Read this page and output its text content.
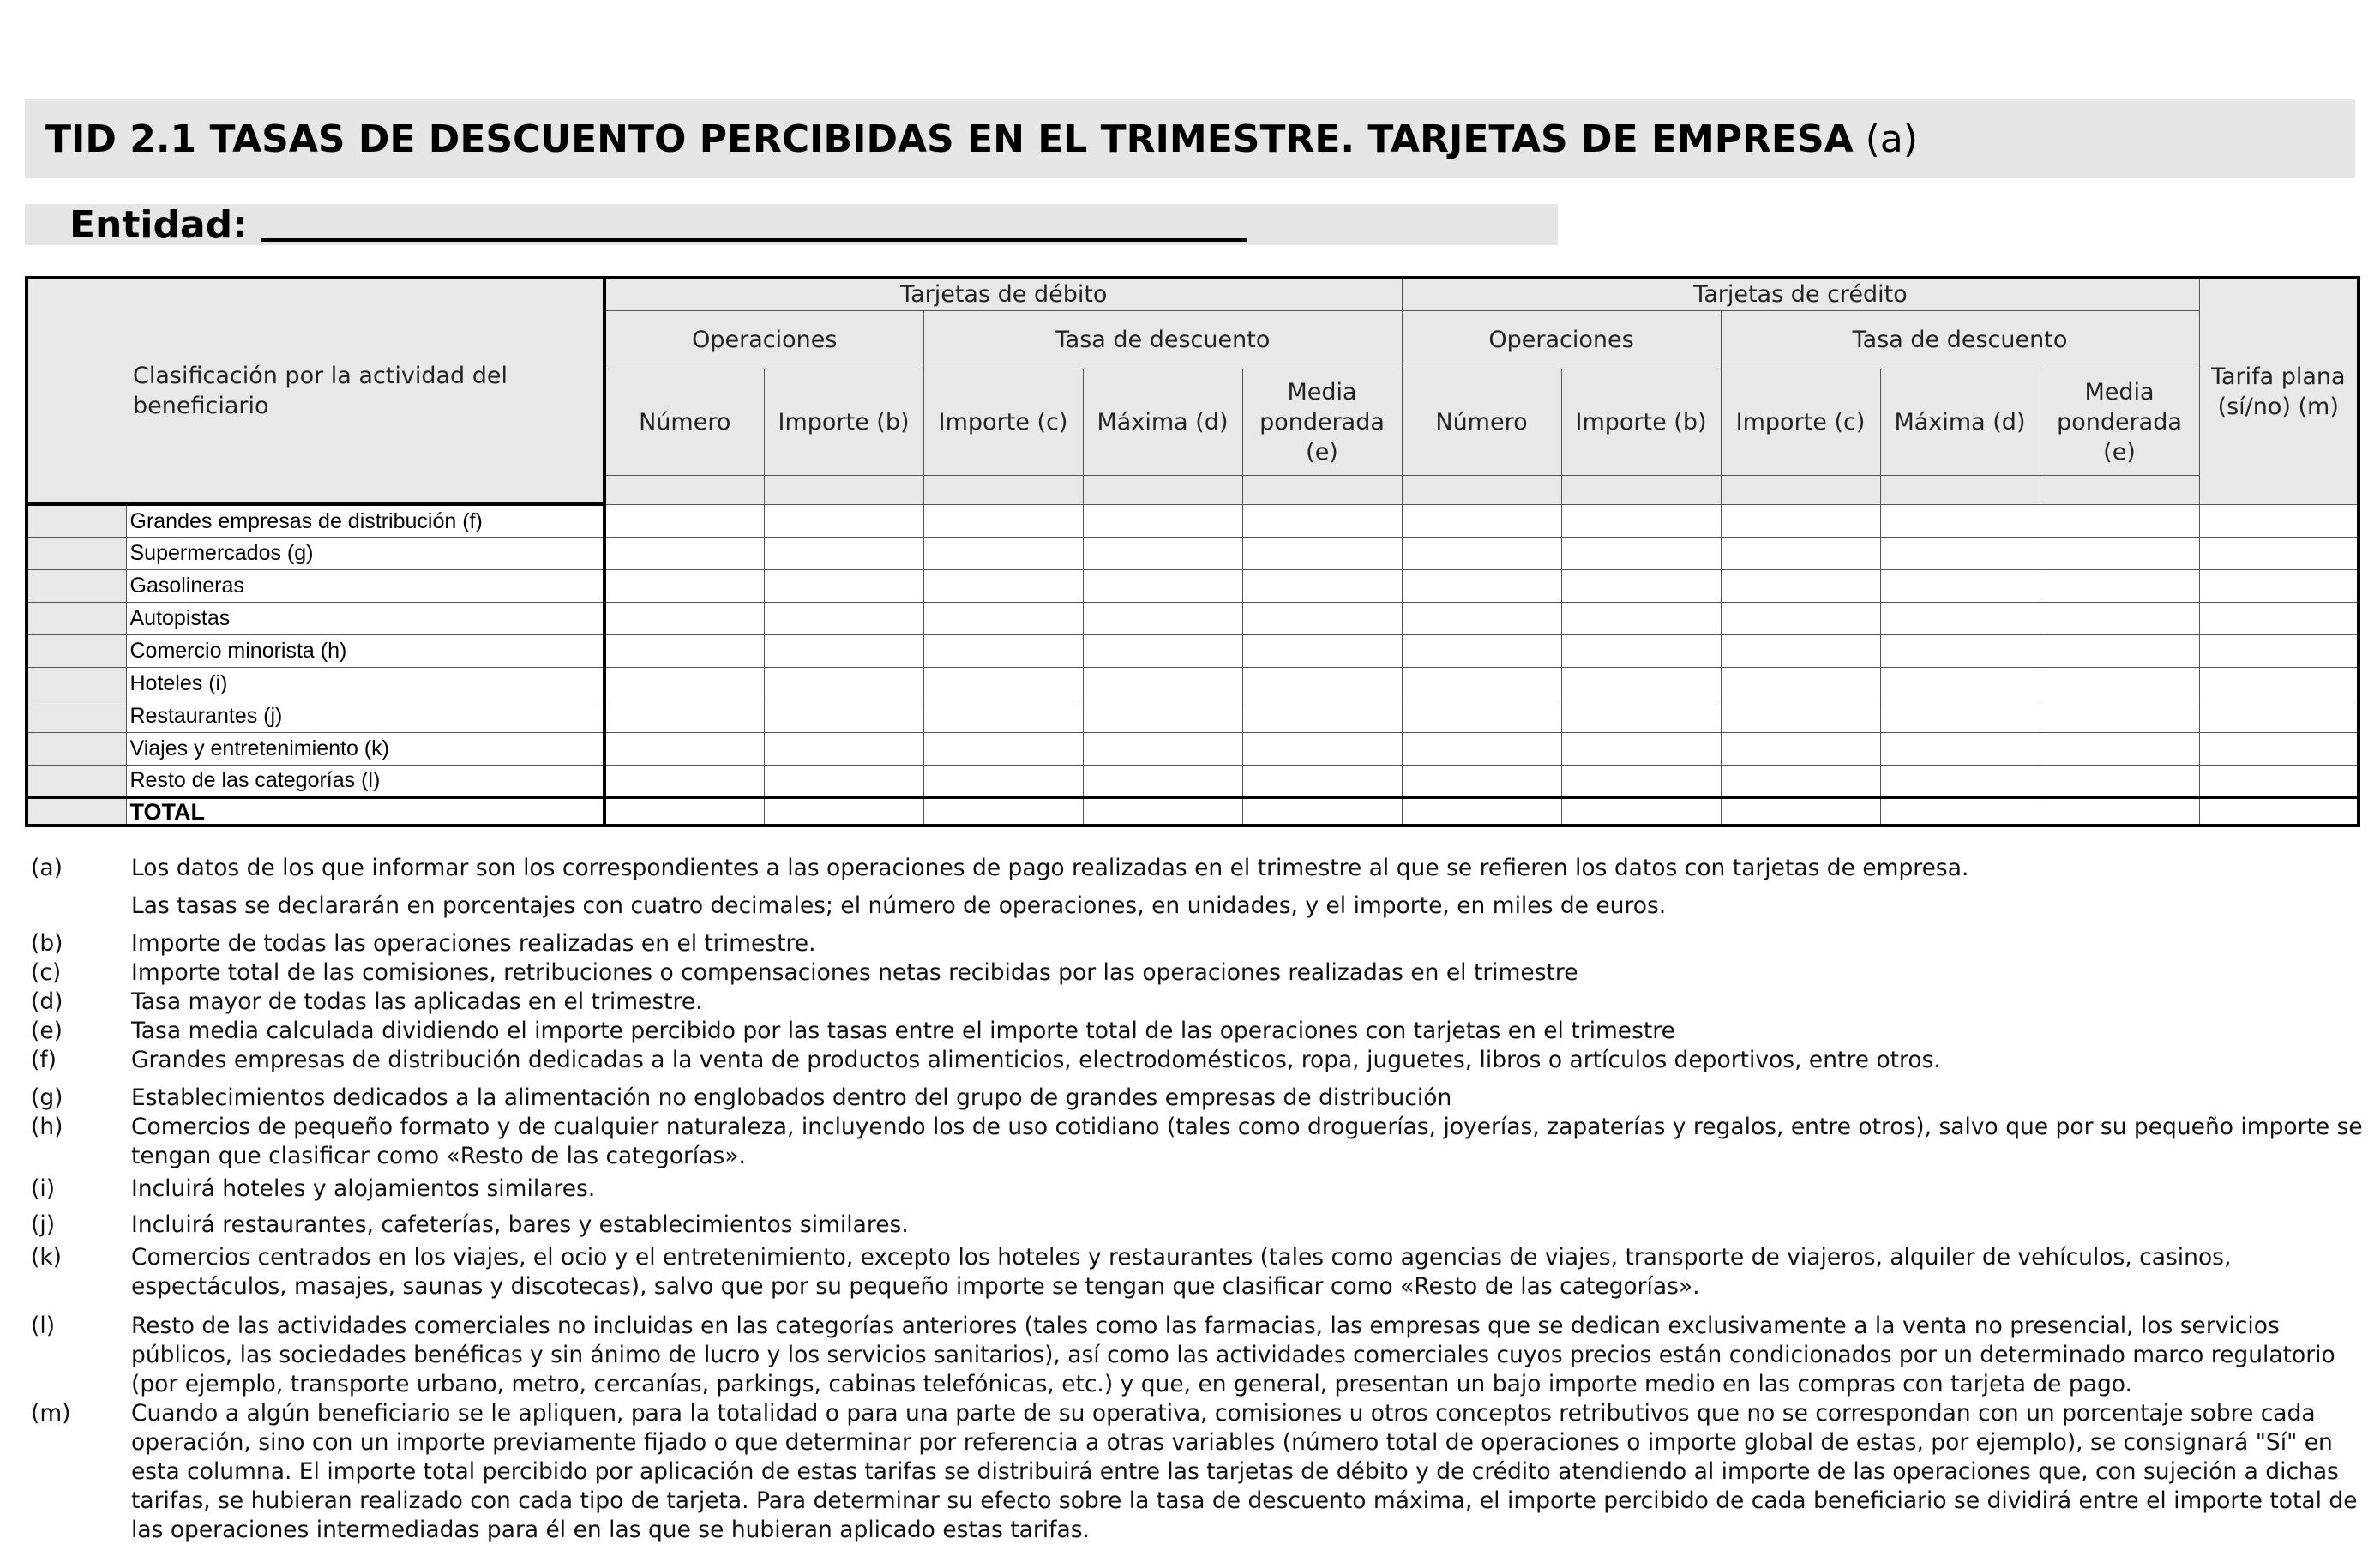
TID 2.1 TASAS DE DESCUENTO PERCIBIDAS EN EL TRIMESTRE. TARJETAS DE EMPRESA (a)
Entidad:
Clasificación por la actividad del beneficiario		Tarjetas de débito					Tarjetas de crédito					Tarifa plana (sí/no) (m)
		Operaciones		Tasa de descuento			Operaciones		Tasa de descuento			
		Número	Importe (b)	Importe (c)	Máxima (d)	Media ponderada (e)	Número	Importe (b)	Importe (c)	Máxima (d)	Media ponderada (e)	

	Grandes empresas de distribución (f)											
	Supermercados (g)											
	Gasolineras											
	Autopistas											
	Comercio minorista (h)											
	Hoteles (i)											
	Restaurantes (j)											
	Viajes y entretenimiento (k)											
	Resto de las categorías (l)											
	TOTAL											
(a)	Los datos de los que informar son los correspondientes a las operaciones de pago realizadas en el trimestre al que se refieren los datos con tarjetas de empresa.
Las tasas se declararán en porcentajes con cuatro decimales; el número de operaciones, en unidades, y el importe, en miles de euros.
(b)	Importe de todas las operaciones realizadas en el trimestre.
(c)	Importe total de las comisiones, retribuciones o compensaciones netas recibidas por las operaciones realizadas en el trimestre
(d)	Tasa mayor de todas las aplicadas en el trimestre.
(e)	Tasa media calculada dividiendo el importe percibido por las tasas entre el importe total de las operaciones con tarjetas en el trimestre
(f)	Grandes empresas de distribución dedicadas a la venta de productos alimenticios, electrodomésticos, ropa, juguetes, libros o artículos deportivos, entre otros.
(g)	Establecimientos dedicados a la alimentación no englobados dentro del grupo de grandes empresas de distribución
(h)	Comercios de pequeño formato y de cualquier naturaleza, incluyendo los de uso cotidiano (tales como droguerías, joyerías, zapaterías y regalos, entre otros), salvo que por su pequeño importe se tengan que clasificar como «Resto de las categorías».
(i)	Incluirá hoteles y alojamientos similares.
(j)	Incluirá restaurantes, cafeterías, bares y establecimientos similares.
(k)	Comercios centrados en los viajes, el ocio y el entretenimiento, excepto los hoteles y restaurantes (tales como agencias de viajes, transporte de viajeros, alquiler de vehículos, casinos, espectáculos, masajes, saunas y discotecas), salvo que por su pequeño importe se tengan que clasificar como «Resto de las categorías».
(l)	Resto de las actividades comerciales no incluidas en las categorías anteriores (tales como las farmacias, las empresas que se dedican exclusivamente a la venta no presencial, los servicios públicos, las sociedades benéficas y sin ánimo de lucro y los servicios sanitarios), así como las actividades comerciales cuyos precios están condicionados por un determinado marco regulatorio (por ejemplo, transporte urbano, metro, cercanías, parkings, cabinas telefónicas, etc.) y que, en general, presentan un bajo importe medio en las compras con tarjeta de pago.
(m)	Cuando a algún beneficiario se le apliquen, para la totalidad o para una parte de su operativa, comisiones u otros conceptos retributivos que no se correspondan con un porcentaje sobre cada operación, sino con un importe previamente fijado o que determinar por referencia a otras variables (número total de operaciones o importe global de estas, por ejemplo), se consignará "Sí" en esta columna. El importe total percibido por aplicación de estas tarifas se distribuirá entre las tarjetas de débito y de crédito atendiendo al importe de las operaciones que, con sujeción a dichas tarifas, se hubieran realizado con cada tipo de tarjeta. Para determinar su efecto sobre la tasa de descuento máxima, el importe percibido de cada beneficiario se dividirá entre el importe total de las operaciones intermediadas para él en las que se hubieran aplicado estas tarifas.
